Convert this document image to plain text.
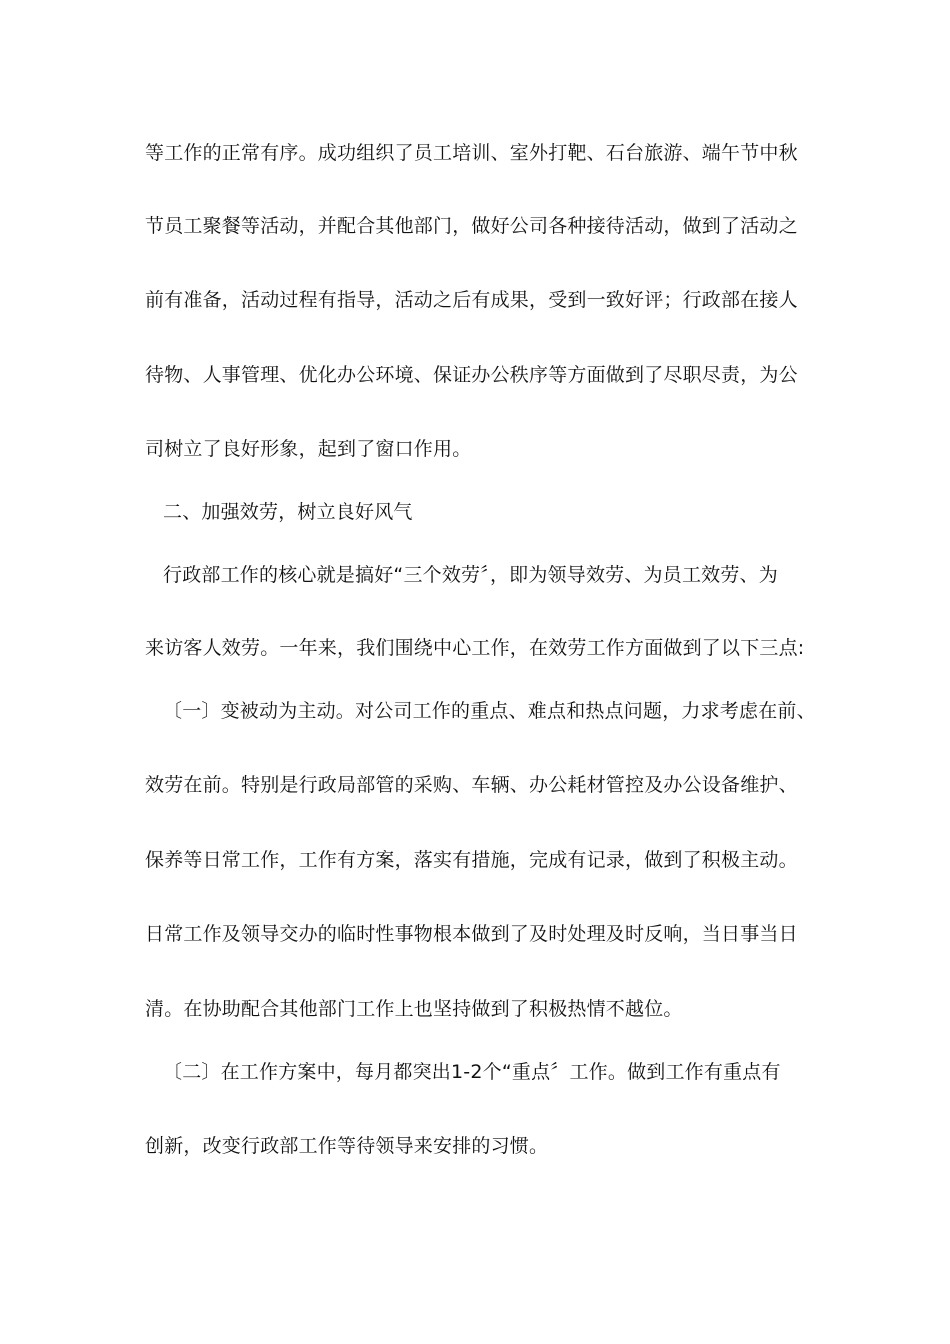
等工作的正常有序。成功组织了员工培训、室外打靶、石台旅游、端午节中秋
节员工聚餐等活动，并配合其他部门，做好公司各种接待活动，做到了活动之
前有准备，活动过程有指导，活动之后有成果，受到一致好评；行政部在接人
待物、人事管理、优化办公环境、保证办公秩序等方面做到了尽职尽责，为公
司树立了良好形象，起到了窗口作用。
二、加强效劳，树立良好风气
行政部工作的核心就是搞好“三个效劳〞，即为领导效劳、为员工效劳、为
来访客人效劳。一年来，我们围绕中心工作，在效劳工作方面做到了以下三点:
〔一〕变被动为主动。对公司工作的重点、难点和热点问题，力求考虑在前、
效劳在前。特别是行政局部管的采购、车辆、办公耗材管控及办公设备维护、
保养等日常工作，工作有方案，落实有措施，完成有记录，做到了积极主动。
日常工作及领导交办的临时性事物根本做到了及时处理及时反响，当日事当日
清。在协助配合其他部门工作上也坚持做到了积极热情不越位。
〔二〕在工作方案中，每月都突出1-2个“重点〞工作。做到工作有重点有
创新，改变行政部工作等待领导来安排的习惯。
